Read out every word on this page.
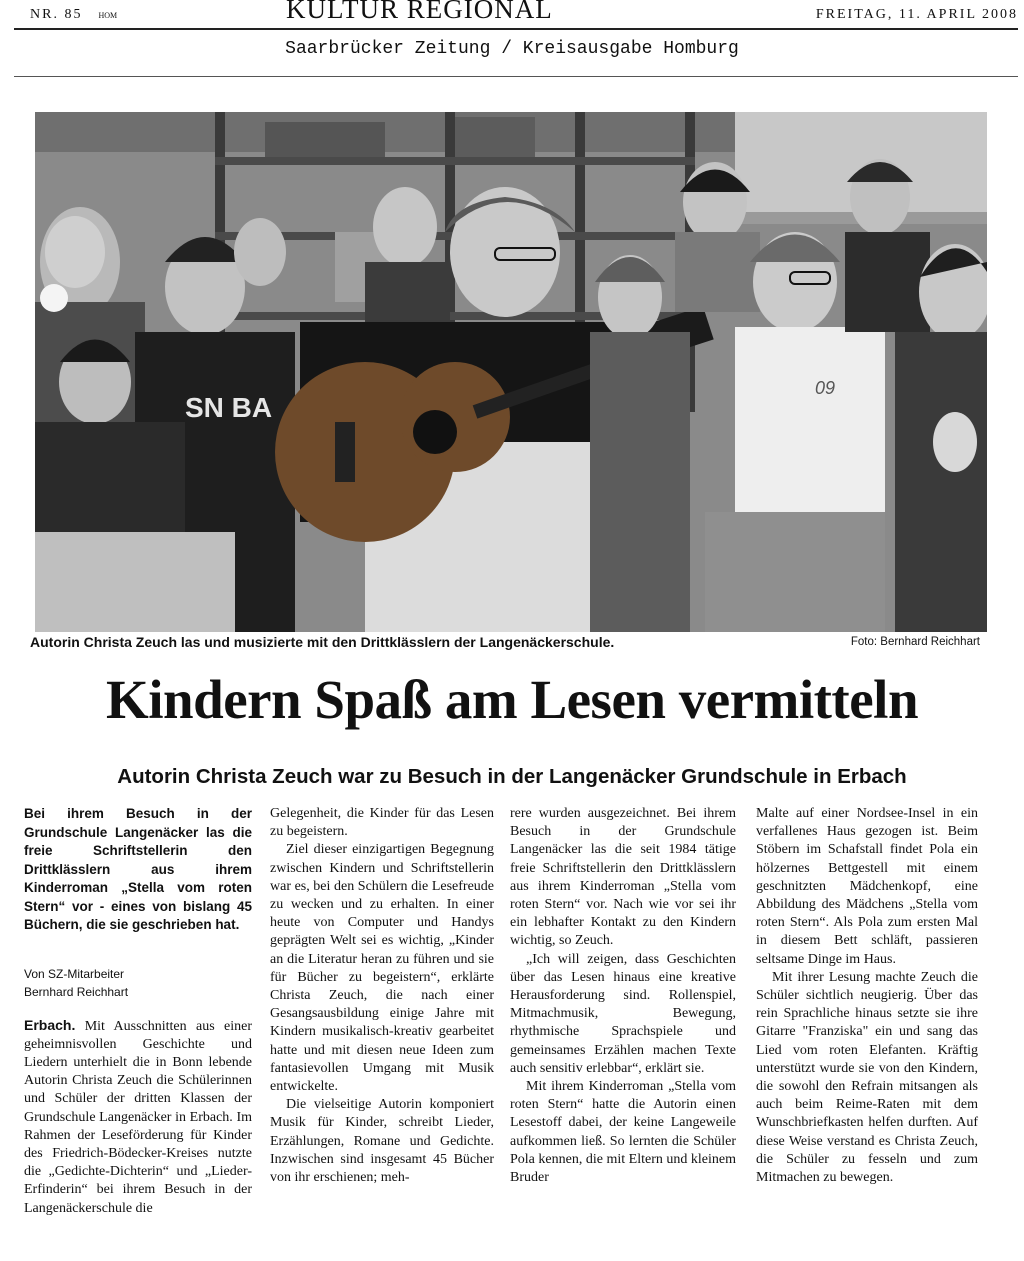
NR. 85 HOM	KULTUR REGIONAL	FREITAG, 11. APRIL 2008
Saarbrücker Zeitung / Kreisausgabe Homburg
SN BA
09
Autorin Christa Zeuch las und musizierte mit den Drittklässlern der Langenäckerschule.	Foto: Bernhard Reichhart
Kindern Spaß am Lesen vermitteln
Autorin Christa Zeuch war zu Besuch in der Langenäcker Grundschule in Erbach

Bei ihrem Besuch in der Grundschule Langenäcker las die freie Schriftstellerin den Drittklässlern aus ihrem Kinderroman „Stella vom roten Stern“ vor - eines von bislang 45 Büchern, die sie geschrieben hat.

Von SZ-Mitarbeiter
Bernhard Reichhart

Erbach. Mit Ausschnitten aus einer geheimnisvollen Geschichte und Liedern unterhielt die in Bonn lebende Autorin Christa Zeuch die Schülerinnen und Schüler der dritten Klassen der Grundschule Langenäcker in Erbach. Im Rahmen der Leseförderung für Kinder des Friedrich-Bödecker-Kreises nutzte die „Gedichte-Dichterin“ und „Lieder-Erfinderin“ bei ihrem Besuch in der Langenäckerschule die

Gelegenheit, die Kinder für das Lesen zu begeistern.

Ziel dieser einzigartigen Begegnung zwischen Kindern und Schriftstellerin war es, bei den Schülern die Lesefreude zu wecken und zu erhalten. In einer heute von Computer und Handys geprägten Welt sei es wichtig, „Kinder an die Literatur heran zu führen und sie für Bücher zu begeistern“, erklärte Christa Zeuch, die nach einer Gesangsausbildung einige Jahre mit Kindern musikalisch-kreativ gearbeitet hatte und mit diesen neue Ideen zum fantasievollen Umgang mit Musik entwickelte.

Die vielseitige Autorin komponiert Musik für Kinder, schreibt Lieder, Erzählungen, Romane und Gedichte. Inzwischen sind insgesamt 45 Bücher von ihr erschienen; meh-

rere wurden ausgezeichnet. Bei ihrem Besuch in der Grundschule Langenäcker las die seit 1984 tätige freie Schriftstellerin den Drittklässlern aus ihrem Kinderroman „Stella vom roten Stern“ vor. Nach wie vor sei ihr ein lebhafter Kontakt zu den Kindern wichtig, so Zeuch.

„Ich will zeigen, dass Geschichten über das Lesen hinaus eine kreative Herausforderung sind. Rollenspiel, Mitmachmusik, Bewegung, rhythmische Sprachspiele und gemeinsames Erzählen machen Texte auch sensitiv erlebbar“, erklärt sie.

Mit ihrem Kinderroman „Stella vom roten Stern“ hatte die Autorin einen Lesestoff dabei, der keine Langeweile aufkommen ließ. So lernten die Schüler Pola kennen, die mit Eltern und kleinem Bruder

Malte auf einer Nordsee-Insel in ein verfallenes Haus gezogen ist. Beim Stöbern im Schafstall findet Pola ein hölzernes Bettgestell mit einem geschnitzten Mädchenkopf, eine Abbildung des Mädchens „Stella vom roten Stern“. Als Pola zum ersten Mal in diesem Bett schläft, passieren seltsame Dinge im Haus.

Mit ihrer Lesung machte Zeuch die Schüler sichtlich neugierig. Über das rein Sprachliche hinaus setzte sie ihre Gitarre "Franziska" ein und sang das Lied vom roten Elefanten. Kräftig unterstützt wurde sie von den Kindern, die sowohl den Refrain mitsangen als auch beim Reime-Raten mit dem Wunschbriefkasten helfen durften. Auf diese Weise verstand es Christa Zeuch, die Schüler zu fesseln und zum Mitmachen zu bewegen.
